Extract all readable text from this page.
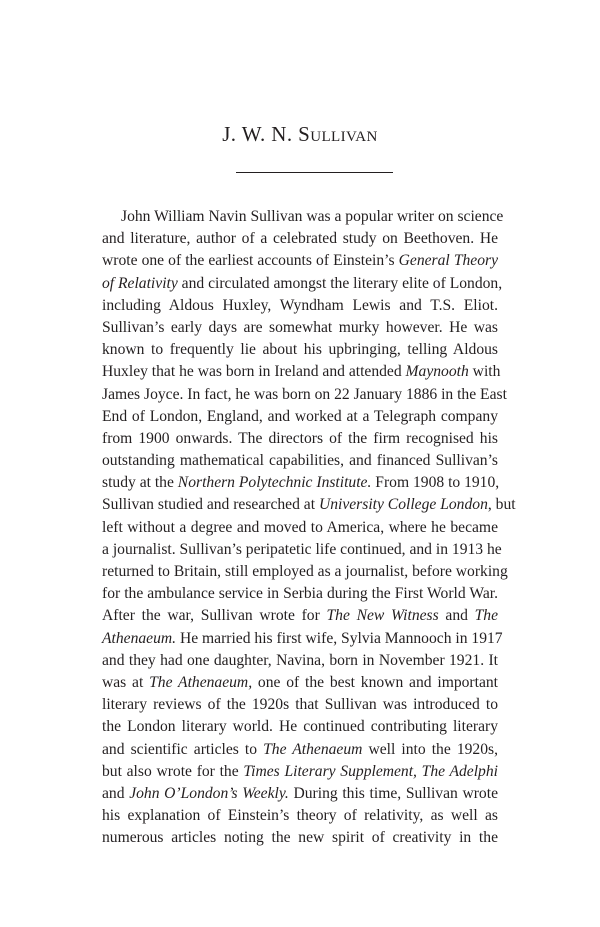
J. W. N. Sullivan
John William Navin Sullivan was a popular writer on science
and literature, author of a celebrated study on Beethoven. He
wrote one of the earliest accounts of Einstein’s General Theory
of Relativity and circulated amongst the literary elite of London,
including Aldous Huxley, Wyndham Lewis and T.S. Eliot.
Sullivan’s early days are somewhat murky however. He was
known to frequently lie about his upbringing, telling Aldous
Huxley that he was born in Ireland and attended Maynooth with
James Joyce. In fact, he was born on 22 January 1886 in the East
End of London, England, and worked at a Telegraph company
from 1900 onwards. The directors of the firm recognised his
outstanding mathematical capabilities, and financed Sullivan’s
study at the Northern Polytechnic Institute. From 1908 to 1910,
Sullivan studied and researched at University College London, but
left without a degree and moved to America, where he became
a journalist. Sullivan’s peripatetic life continued, and in 1913 he
returned to Britain, still employed as a journalist, before working
for the ambulance service in Serbia during the First World War.
After the war, Sullivan wrote for The New Witness and The
Athenaeum. He married his first wife, Sylvia Mannooch in 1917
and they had one daughter, Navina, born in November 1921. It
was at The Athenaeum, one of the best known and important
literary reviews of the 1920s that Sullivan was introduced to
the London literary world. He continued contributing literary
and scientific articles to The Athenaeum well into the 1920s,
but also wrote for the Times Literary Supplement, The Adelphi
and John O’London’s Weekly. During this time, Sullivan wrote
his explanation of Einstein’s theory of relativity, as well as
numerous articles noting the new spirit of creativity in the
